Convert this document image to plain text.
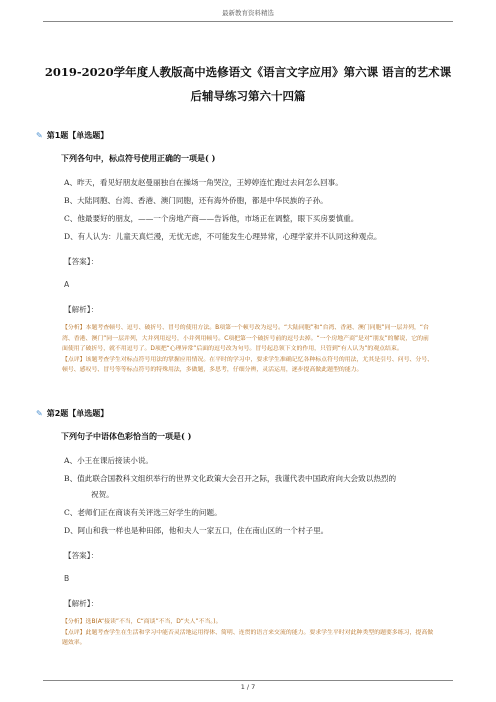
最新教育资料精选
2019-2020学年度人教版高中选修语文《语言文字应用》第六课 语言的艺术课
后辅导练习第六十四篇
✎ 第1题【单选题】
下列各句中，标点符号使用正确的一项是( )
A、昨天，看见好朋友赵曼丽独自在操场一角哭泣，王婷婷连忙跑过去问怎么回事。
B、大陆同胞、台湾、香港、澳门同胞，还有海外侨胞，都是中华民族的子孙。
C、他最要好的朋友，——一个房地产商——告诉他，市场正在调整，眼下买房要慎重。
D、有人认为：儿童天真烂漫，无忧无虑，不可能发生心理异常，心理学家并不认同这种观点。
【答案】：
A
【解析】：

【分析】本题考查顿号、逗号、破折号、冒号的使用方法。B项第一个顿号改为逗号。“大陆同胞”和“台湾、香港、澳门同胞”同一层并列，“台湾、香港、澳门”同一层并列，大并列用逗号，小并列用顿号。C项把第一个破折号前的逗号去掉。“一个房地产商”是对“朋友”的解说，它的前面使用了破折号，就不用逗号了。D项把“心理异常”后面的逗号改为句号。冒号起总领下文的作用，只管到“有人认为”的观点结束。

【点评】该题考查学生对标点符号用法的掌握应用情况。在平时的学习中，要求学生准确记忆各种标点符号的用法，尤其是引号、问号、分号、顿号、感叹号、冒号等等标点符号的特殊用法，多做题，多思考，仔细分辨，灵活运用，逐步提高做此题型的能力。

✎ 第2题【单选题】
下列句子中语体色彩恰当的一项是( )
A、小王在课后接读小说。
B、值此联合国教科文组织举行的世界文化政策大会召开之际，我谨代表中国政府向大会致以热烈的
祝贺。
C、老师们正在商谈有关评选三好学生的问题。
D、阿山和我一样也是种田郎，他和夫人一家五口，住在南山区的一个村子里。
【答案】：
B
【解析】：

【分析】选B(A“接读”不当，C“商谈”不当，D“夫人”不当。)。

【点评】此题考查学生在生活和学习中能否灵活地运用得体、简明、连贯的语言来交流的能力。要求学生平时对此种类型的题要多练习，提高做题效率。

1 / 7
